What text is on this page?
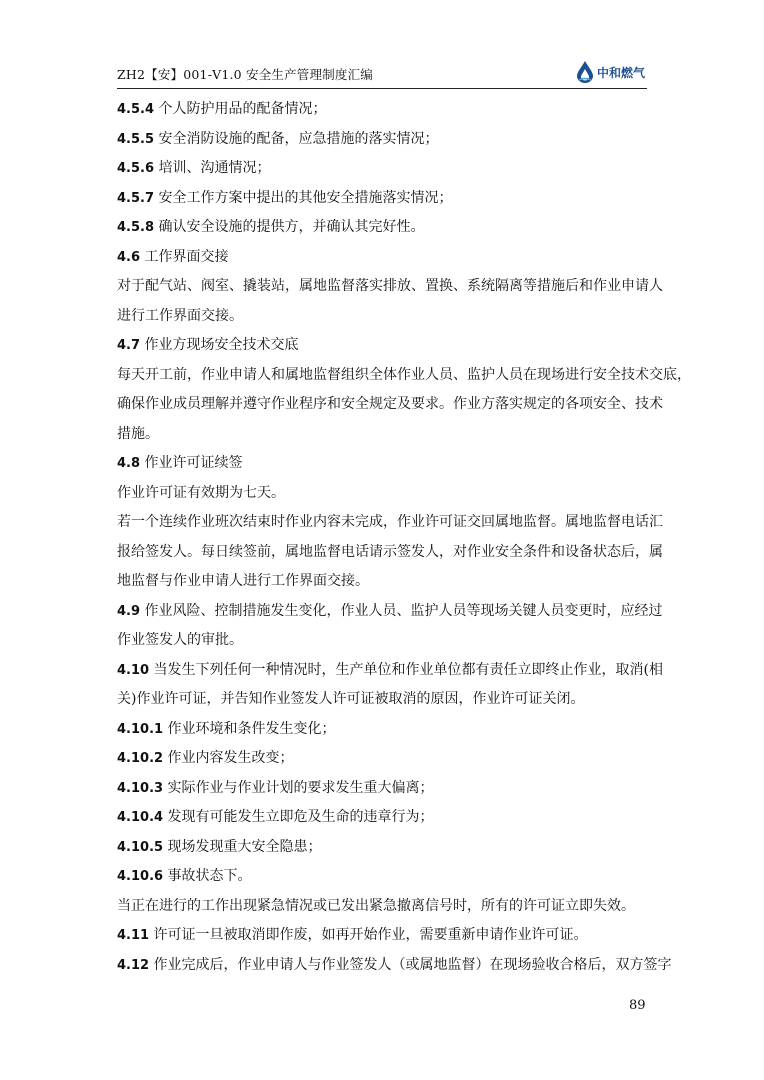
ZH2【安】001-V1.0 安全生产管理制度汇编	中和燃气

4.5.4 个人防护用品的配备情况；

4.5.5 安全消防设施的配备，应急措施的落实情况；

4.5.6 培训、沟通情况；

4.5.7 安全工作方案中提出的其他安全措施落实情况；

4.5.8 确认安全设施的提供方，并确认其完好性。

4.6 工作界面交接

对于配气站、阀室、撬装站，属地监督落实排放、置换、系统隔离等措施后和作业申请人

进行工作界面交接。

4.7 作业方现场安全技术交底

每天开工前，作业申请人和属地监督组织全体作业人员、监护人员在现场进行安全技术交底，

确保作业成员理解并遵守作业程序和安全规定及要求。作业方落实规定的各项安全、技术

措施。

4.8 作业许可证续签

作业许可证有效期为七天。

若一个连续作业班次结束时作业内容未完成，作业许可证交回属地监督。属地监督电话汇

报给签发人。每日续签前，属地监督电话请示签发人，对作业安全条件和设备状态后，属

地监督与作业申请人进行工作界面交接。

4.9 作业风险、控制措施发生变化，作业人员、监护人员等现场关键人员变更时，应经过

作业签发人的审批。

4.10 当发生下列任何一种情况时，生产单位和作业单位都有责任立即终止作业，取消(相

关)作业许可证，并告知作业签发人许可证被取消的原因，作业许可证关闭。

4.10.1 作业环境和条件发生变化；

4.10.2 作业内容发生改变；

4.10.3 实际作业与作业计划的要求发生重大偏离；

4.10.4 发现有可能发生立即危及生命的违章行为；

4.10.5 现场发现重大安全隐患；

4.10.6 事故状态下。

当正在进行的工作出现紧急情况或已发出紧急撤离信号时，所有的许可证立即失效。

4.11 许可证一旦被取消即作废，如再开始作业，需要重新申请作业许可证。

4.12 作业完成后，作业申请人与作业签发人（或属地监督）在现场验收合格后，双方签字

89
